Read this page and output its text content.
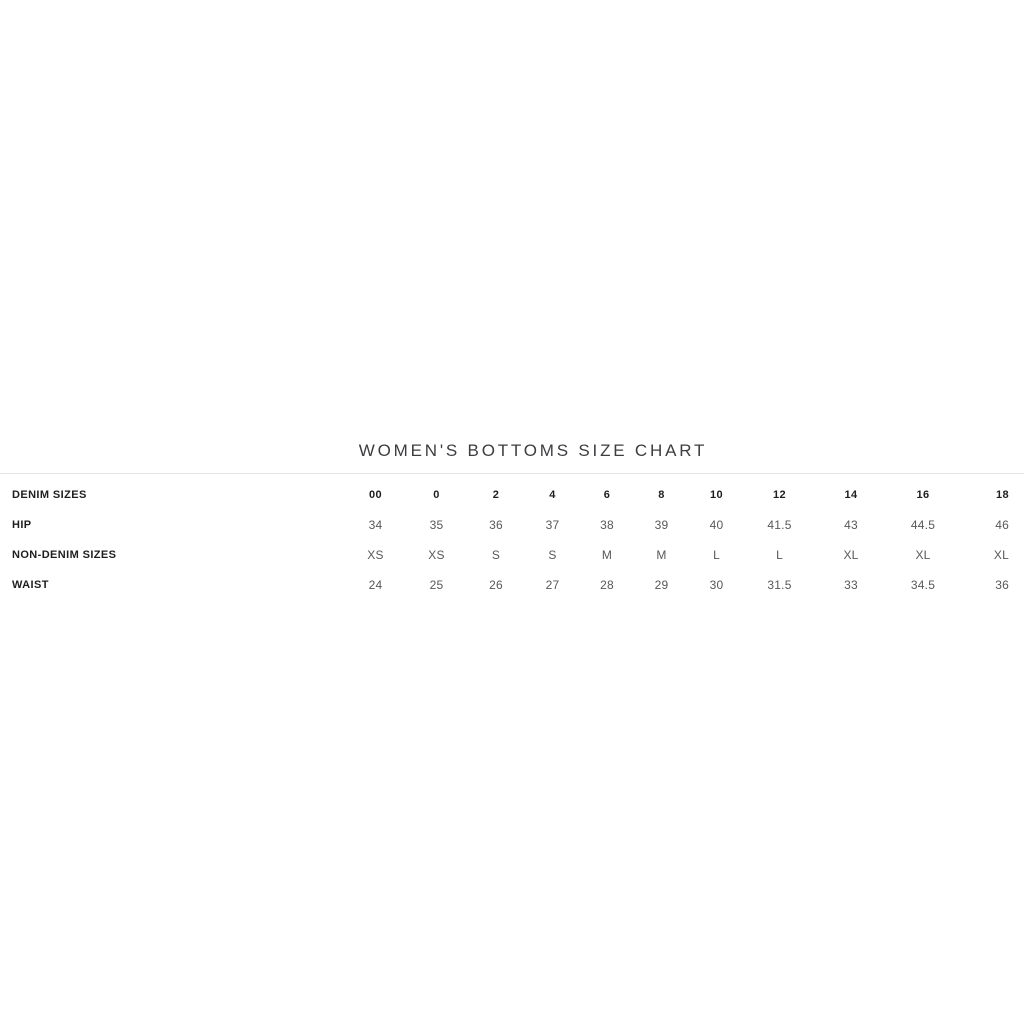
WOMEN'S BOTTOMS SIZE CHART
DENIM SIZES	00	0	2	4	6	8	10	12	14	16	18
HIP	34	35	36	37	38	39	40	41.5	43	44.5	46
NON-DENIM SIZES	XS	XS	S	S	M	M	L	L	XL	XL	XL
WAIST	24	25	26	27	28	29	30	31.5	33	34.5	36
